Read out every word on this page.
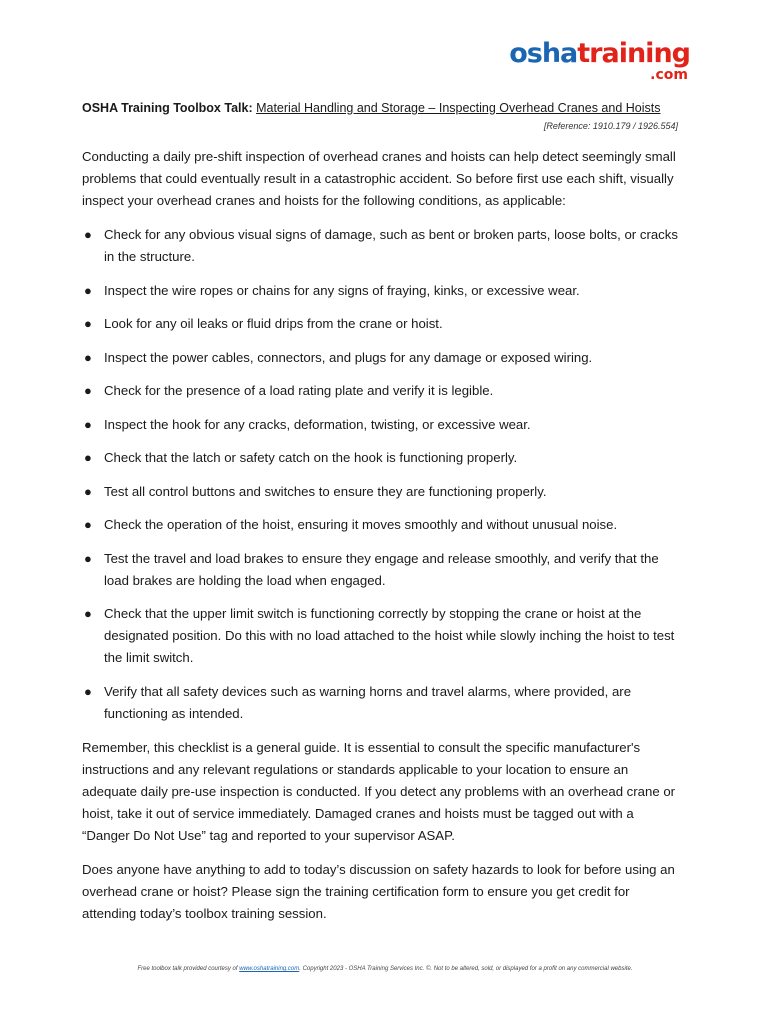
oshatraining
.com
OSHA Training Toolbox Talk: Material Handling and Storage – Inspecting Overhead Cranes and Hoists
[Reference: 1910.179 / 1926.554]

Conducting a daily pre-shift inspection of overhead cranes and hoists can help detect seemingly small problems that could eventually result in a catastrophic accident. So before first use each shift, visually inspect your overhead cranes and hoists for the following conditions, as applicable:

● Check for any obvious visual signs of damage, such as bent or broken parts, loose bolts, or cracks in the structure.
● Inspect the wire ropes or chains for any signs of fraying, kinks, or excessive wear.
● Look for any oil leaks or fluid drips from the crane or hoist.
● Inspect the power cables, connectors, and plugs for any damage or exposed wiring.
● Check for the presence of a load rating plate and verify it is legible.
● Inspect the hook for any cracks, deformation, twisting, or excessive wear.
● Check that the latch or safety catch on the hook is functioning properly.
● Test all control buttons and switches to ensure they are functioning properly.
● Check the operation of the hoist, ensuring it moves smoothly and without unusual noise.
● Test the travel and load brakes to ensure they engage and release smoothly, and verify that the load brakes are holding the load when engaged.
● Check that the upper limit switch is functioning correctly by stopping the crane or hoist at the designated position. Do this with no load attached to the hoist while slowly inching the hoist to test the limit switch.
● Verify that all safety devices such as warning horns and travel alarms, where provided, are functioning as intended.

Remember, this checklist is a general guide. It is essential to consult the specific manufacturer's instructions and any relevant regulations or standards applicable to your location to ensure an adequate daily pre-use inspection is conducted. If you detect any problems with an overhead crane or hoist, take it out of service immediately. Damaged cranes and hoists must be tagged out with a “Danger Do Not Use” tag and reported to your supervisor ASAP.

Does anyone have anything to add to today’s discussion on safety hazards to look for before using an overhead crane or hoist? Please sign the training certification form to ensure you get credit for attending today’s toolbox training session.

Free toolbox talk provided courtesy of www.oshatraining.com. Copyright 2023 - OSHA Training Services Inc. ©. Not to be altered, sold, or displayed for a profit on any commercial website.
